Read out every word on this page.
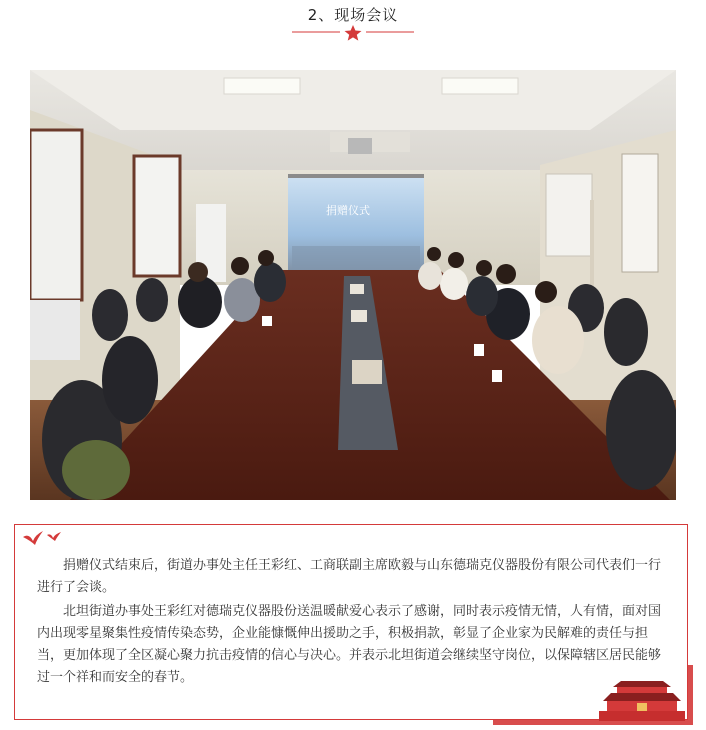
2、现场会议
捐赠仪式

捐赠仪式结束后，街道办事处主任王彩红、工商联副主席欧毅与山东德瑞克仪器股份有限公司代表们一行进行了会谈。

北坦街道办事处王彩红对德瑞克仪器股份送温暖献爱心表示了感谢，同时表示疫情无情，人有情，面对国内出现零星聚集性疫情传染态势，企业能慷慨伸出援助之手，积极捐款，彰显了企业家为民解难的责任与担当，更加体现了全区凝心聚力抗击疫情的信心与决心。并表示北坦街道会继续坚守岗位，以保障辖区居民能够过一个祥和而安全的春节。
